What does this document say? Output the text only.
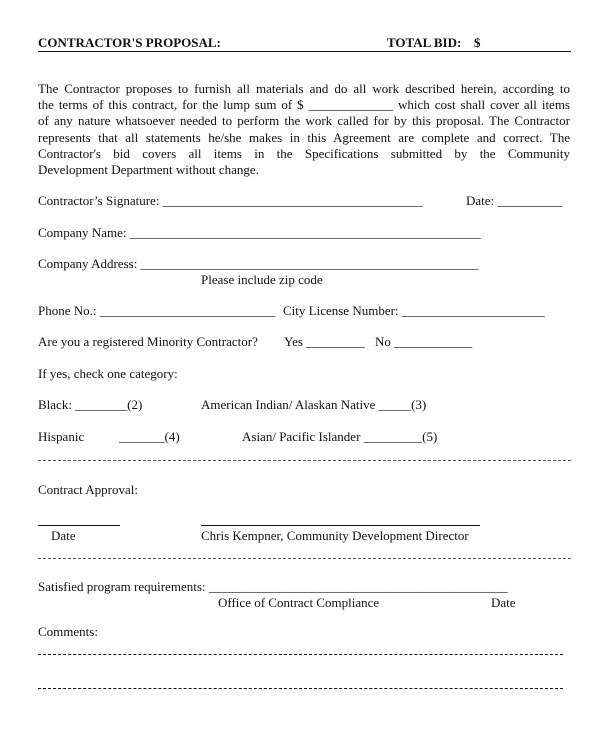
CONTRACTOR'S PROPOSAL:	TOTAL BID: $
The Contractor proposes to furnish all materials and do all work described herein, according to
the terms of this contract, for the lump sum of $ _____________ which cost shall cover all items
of any nature whatsoever needed to perform the work called for by this proposal. The Contractor
represents that all statements he/she makes in this Agreement are complete and correct. The
Contractor's bid covers all items in the Specifications submitted by the Community
Development Department without change.
Contractor’s Signature: ________________________________________	Date: __________
Company Name: ______________________________________________________
Company Address: ____________________________________________________
Please include zip code
Phone No.: ___________________________ City License Number: ______________________
Are you a registered Minority Contractor? Yes _________ No ____________
If yes, check one category:
Black: ________(2)	American Indian/ Alaskan Native _____(3)
Hispanic	_______(4)	Asian/ Pacific Islander _________(5)
Contract Approval:
Date	Chris Kempner, Community Development Director
Satisfied program requirements: ______________________________________________
Office of Contract Compliance	Date
Comments:
